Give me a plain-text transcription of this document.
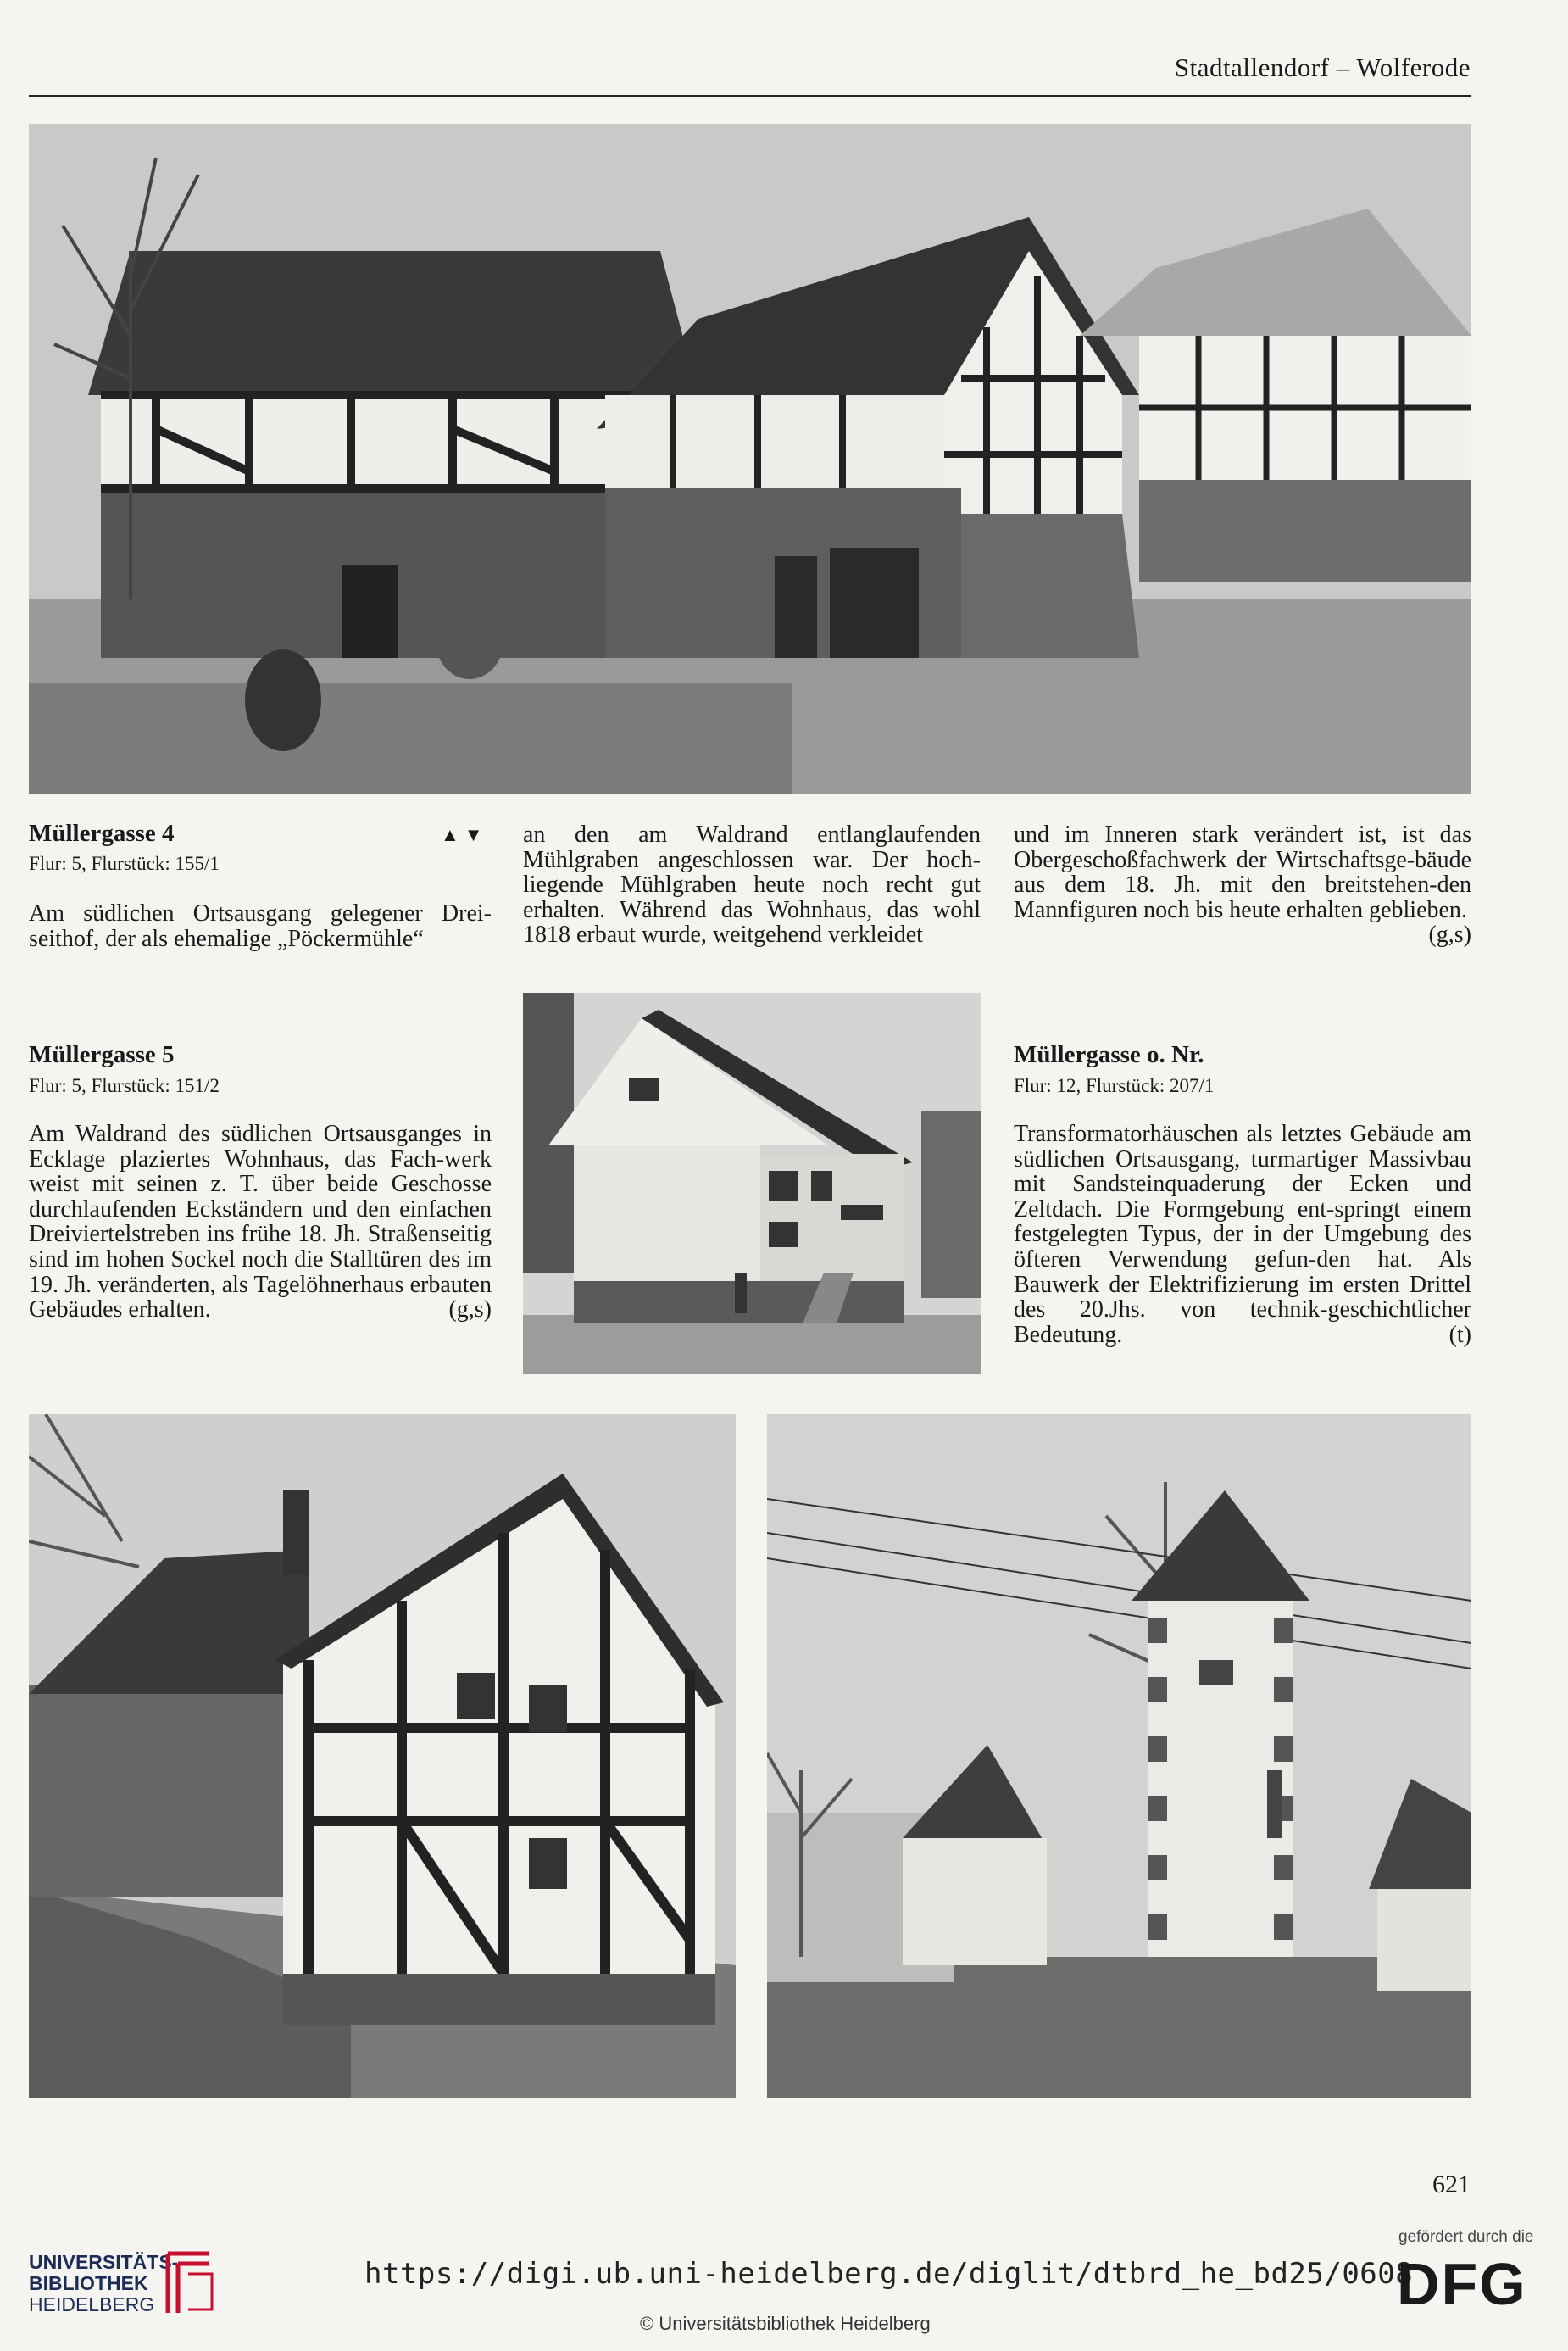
Stadtallendorf – Wolferode
Müllergasse 4	▲▼
Flur: 5, Flurstück: 155/1

Am südlichen Ortsausgang gelegener Drei-seithof, der als ehemalige „Pöckermühle“

an den am Waldrand entlanglaufenden Mühlgraben angeschlossen war. Der hoch-liegende Mühlgraben heute noch recht gut erhalten. Während das Wohnhaus, das wohl 1818 erbaut wurde, weitgehend verkleidet

und im Inneren stark verändert ist, ist das Obergeschoßfachwerk der Wirtschaftsge-bäude aus dem 18. Jh. mit den breitstehen-den Mannfiguren noch bis heute erhalten geblieben.
(g,s)

Müllergasse 5
Flur: 5, Flurstück: 151/2

Am Waldrand des südlichen Ortsausganges in Ecklage plaziertes Wohnhaus, das Fach-werk weist mit seinen z. T. über beide Geschosse durchlaufenden Eckständern und den einfachen Dreiviertelstreben ins frühe 18. Jh. Straßenseitig sind im hohen Sockel noch die Stalltüren des im 19. Jh. veränderten, als Tagelöhnerhaus erbauten Gebäudes erhalten.	(g,s)

Müllergasse o. Nr.
Flur: 12, Flurstück: 207/1

Transformatorhäuschen als letztes Gebäude am südlichen Ortsausgang, turmartiger Massivbau mit Sandsteinquaderung der Ecken und Zeltdach. Die Formgebung ent-springt einem festgelegten Typus, der in der Umgebung des öfteren Verwendung gefun-den hat. Als Bauwerk der Elektrifizierung im ersten Drittel des 20.Jhs. von technik-geschichtlicher Bedeutung.	(t)

621
UNIVERSITÄTS-
BIBLIOTHEK
HEIDELBERG
https://digi.ub.uni-heidelberg.de/diglit/dtbrd_he_bd25/0608
© Universitätsbibliothek Heidelberg
gefördert durch die
DFG
